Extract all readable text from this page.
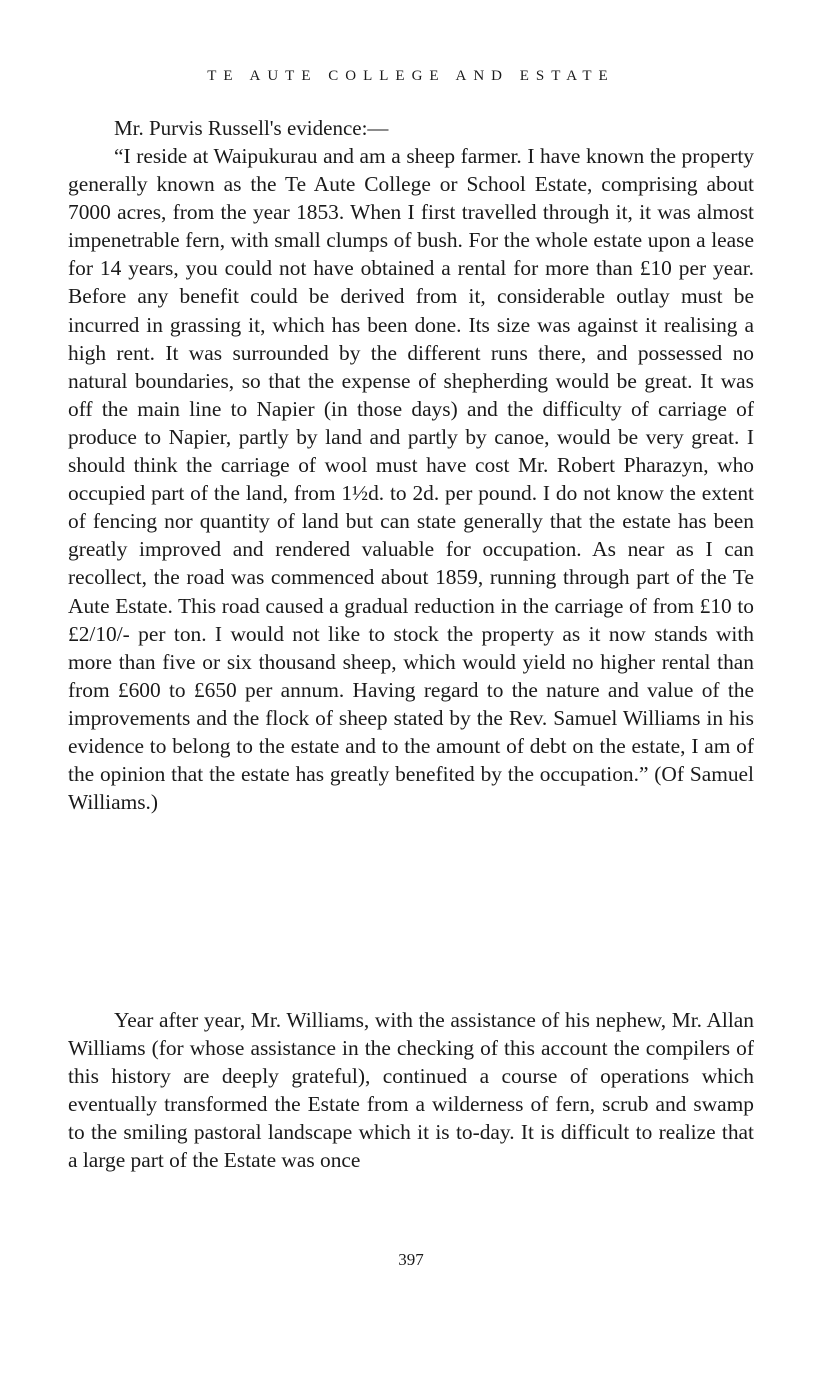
TE AUTE COLLEGE AND ESTATE
Mr. Purvis Russell's evidence:—

“I reside at Waipukurau and am a sheep farmer. I have known the property generally known as the Te Aute College or School Estate, comprising about 7000 acres, from the year 1853. When I first travelled through it, it was almost impenetrable fern, with small clumps of bush. For the whole estate upon a lease for 14 years, you could not have obtained a rental for more than £10 per year. Before any benefit could be derived from it, considerable outlay must be incurred in grassing it, which has been done. Its size was against it realising a high rent. It was surrounded by the different runs there, and possessed no natural boundaries, so that the expense of shepherding would be great. It was off the main line to Napier (in those days) and the difficulty of carriage of produce to Napier, partly by land and partly by canoe, would be very great. I should think the carriage of wool must have cost Mr. Robert Pharazyn, who occupied part of the land, from 1½d. to 2d. per pound. I do not know the extent of fencing nor quantity of land but can state generally that the estate has been greatly improved and rendered valuable for occupation. As near as I can recollect, the road was commenced about 1859, running through part of the Te Aute Estate. This road caused a gradual reduction in the carriage of from £10 to £2/10/- per ton. I would not like to stock the property as it now stands with more than five or six thousand sheep, which would yield no higher rental than from £600 to £650 per annum. Having regard to the nature and value of the improvements and the flock of sheep stated by the Rev. Samuel Williams in his evidence to belong to the estate and to the amount of debt on the estate, I am of the opinion that the estate has greatly benefited by the occupation.” (Of Samuel Williams.)

Year after year, Mr. Williams, with the assistance of his nephew, Mr. Allan Williams (for whose assistance in the checking of this account the compilers of this history are deeply grateful), continued a course of operations which eventually transformed the Estate from a wilderness of fern, scrub and swamp to the smiling pastoral landscape which it is to-day. It is difficult to realize that a large part of the Estate was once

397
